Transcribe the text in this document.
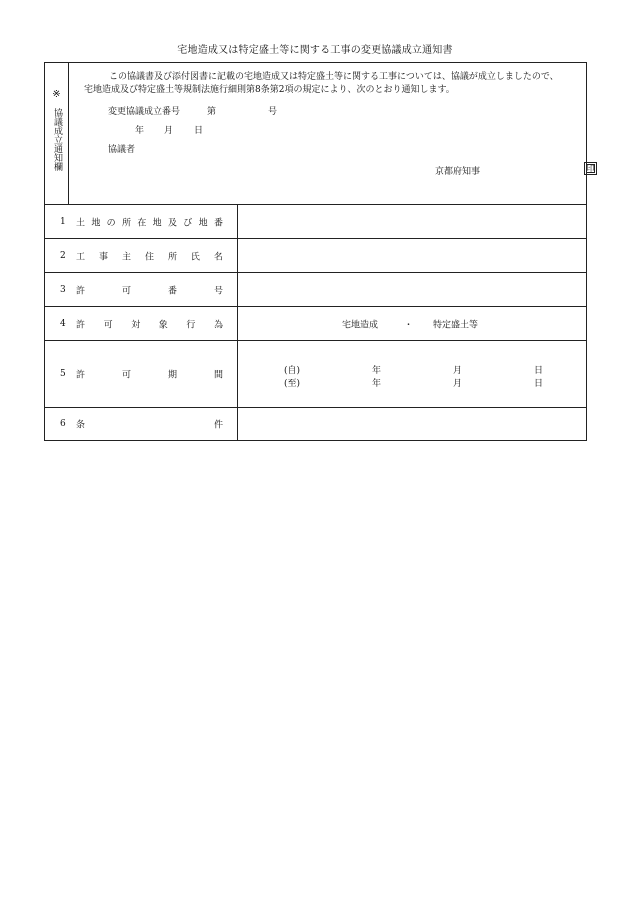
宅地造成又は特定盛土等に関する工事の変更協議成立通知書
※
協議成立通知欄
この協議書及び添付図書に記載の宅地造成又は特定盛土等に関する工事については、協議が成立しましたので、
宅地造成及び特定盛土等規制法施行細則第8条第2項の規定により、次のとおり通知します。
変更協議成立番号	第	号
年 月 日
協議者
京都府知事	印
1 土 地 の 所 在 地 及 び 地 番
2 工 事 主 住 所 氏 名
3 許	可	番	号
4 許 可 対 象 行 為	宅地造成	・ 特定盛土等
5 許	可	期	間	(自)	年	月	日
(至)	年	月	日
6 条	件
